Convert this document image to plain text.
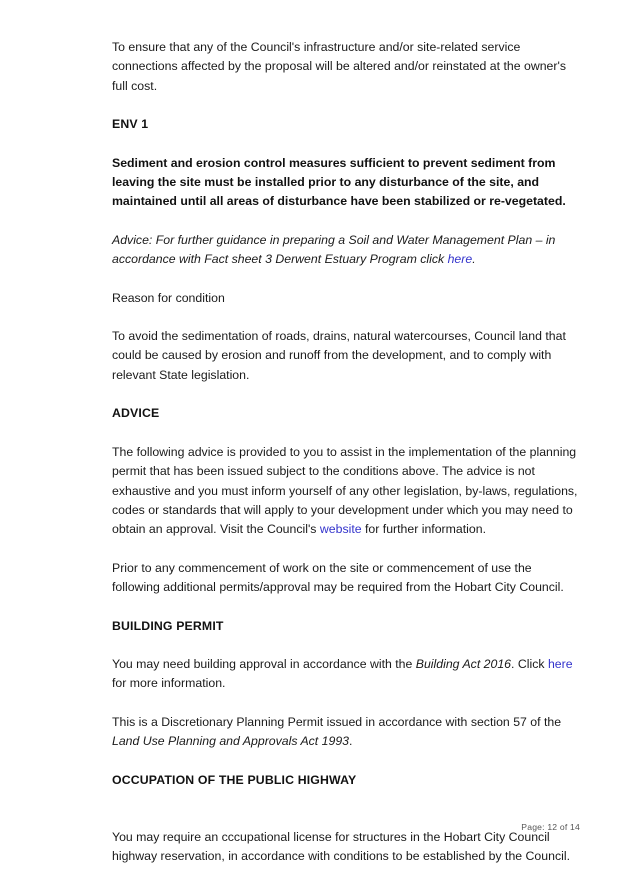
To ensure that any of the Council's infrastructure and/or site-related service connections affected by the proposal will be altered and/or reinstated at the owner's full cost.

ENV 1

Sediment and erosion control measures sufficient to prevent sediment from leaving the site must be installed prior to any disturbance of the site, and maintained until all areas of disturbance have been stabilized or re-vegetated.

Advice: For further guidance in preparing a Soil and Water Management Plan – in accordance with Fact sheet 3 Derwent Estuary Program click here.

Reason for condition

To avoid the sedimentation of roads, drains, natural watercourses, Council land that could be caused by erosion and runoff from the development, and to comply with relevant State legislation.

ADVICE

The following advice is provided to you to assist in the implementation of the planning permit that has been issued subject to the conditions above. The advice is not exhaustive and you must inform yourself of any other legislation, by-laws, regulations, codes or standards that will apply to your development under which you may need to obtain an approval. Visit the Council's website for further information.

Prior to any commencement of work on the site or commencement of use the following additional permits/approval may be required from the Hobart City Council.

BUILDING PERMIT

You may need building approval in accordance with the Building Act 2016. Click here for more information.

This is a Discretionary Planning Permit issued in accordance with section 57 of the Land Use Planning and Approvals Act 1993.

OCCUPATION OF THE PUBLIC HIGHWAY

You may require an cccupational license for structures in the Hobart City Council highway reservation, in accordance with conditions to be established by the Council.

Page: 12 of 14
